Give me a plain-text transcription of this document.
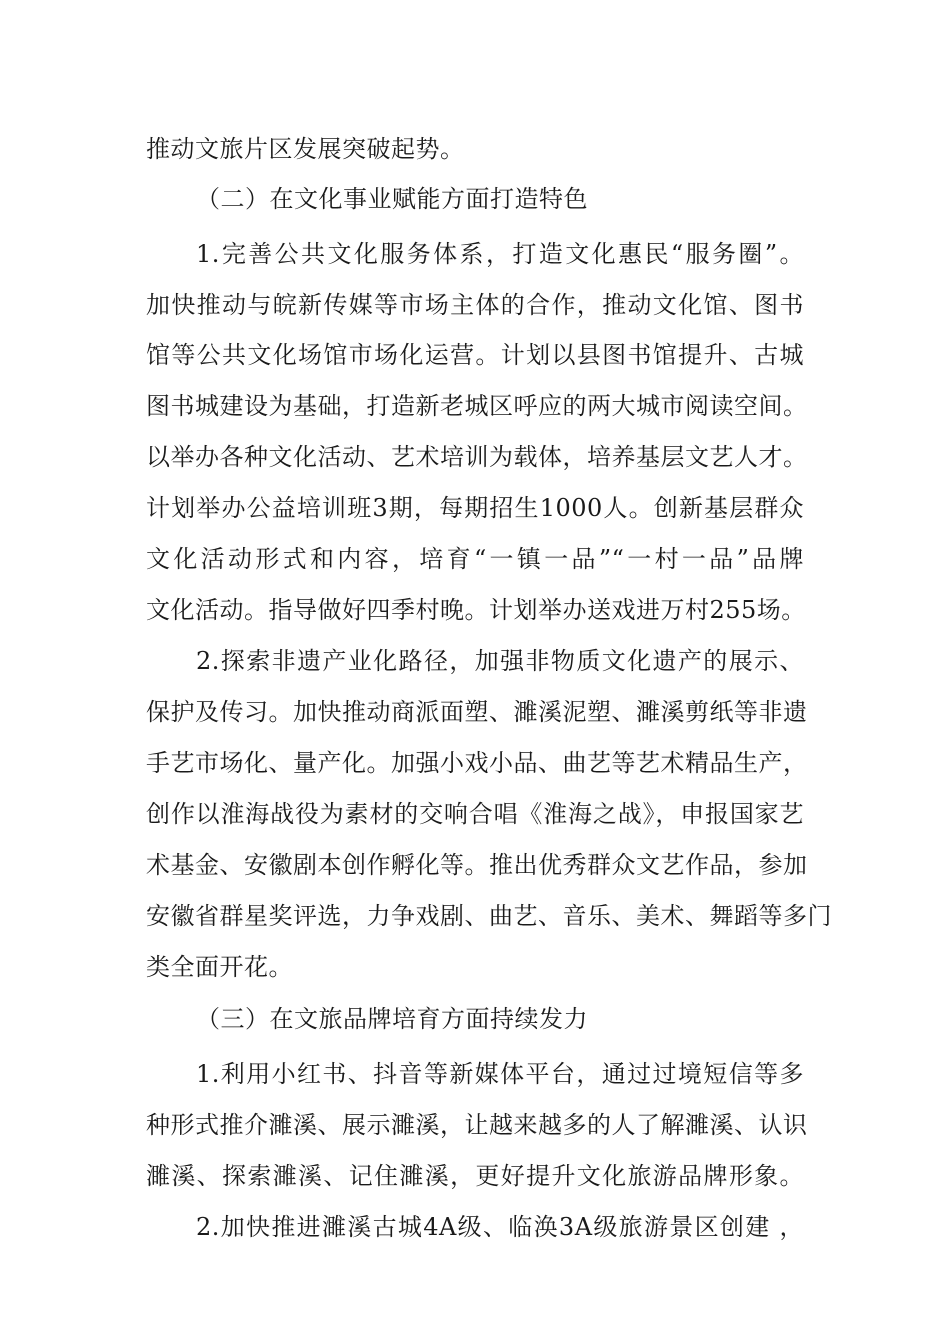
推动文旅片区发展突破起势。
（二）在文化事业赋能方面打造特色
1.完善公共文化服务体系，打造文化惠民“服务圈”。
加快推动与皖新传媒等市场主体的合作，推动文化馆、图书
馆等公共文化场馆市场化运营。计划以县图书馆提升、古城
图书城建设为基础，打造新老城区呼应的两大城市阅读空间。
以举办各种文化活动、艺术培训为载体，培养基层文艺人才。
计划举办公益培训班3期，每期招生1000人。创新基层群众
文化活动形式和内容，培育“一镇一品”“一村一品”品牌
文化活动。指导做好四季村晚。计划举办送戏进万村255场。
2.探索非遗产业化路径，加强非物质文化遗产的展示、
保护及传习。加快推动商派面塑、濉溪泥塑、濉溪剪纸等非遗
手艺市场化、量产化。加强小戏小品、曲艺等艺术精品生产，
创作以淮海战役为素材的交响合唱《淮海之战》，申报国家艺
术基金、安徽剧本创作孵化等。推出优秀群众文艺作品，参加
安徽省群星奖评选，力争戏剧、曲艺、音乐、美术、舞蹈等多门
类全面开花。
（三）在文旅品牌培育方面持续发力
1.利用小红书、抖音等新媒体平台，通过过境短信等多
种形式推介濉溪、展示濉溪，让越来越多的人了解濉溪、认识
濉溪、探索濉溪、记住濉溪，更好提升文化旅游品牌形象。
2.加快推进濉溪古城4A级、临涣3A级旅游景区创建 ，
